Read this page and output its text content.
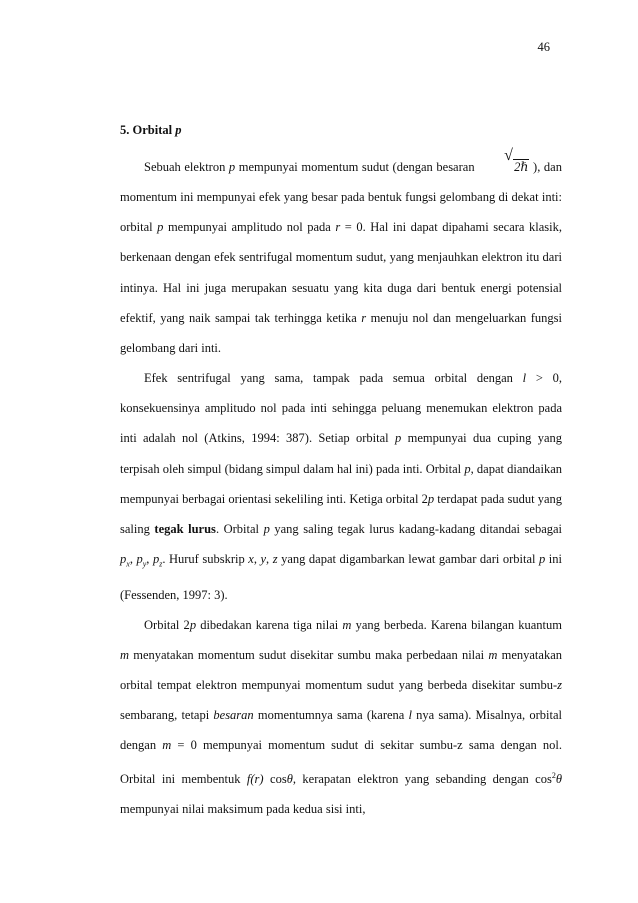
46
5. Orbital p

Sebuah elektron p mempunyai momentum sudut (dengan besaran
√
2ℏ ), dan momentum ini mempunyai efek yang besar pada bentuk fungsi gelombang di dekat inti: orbital p mempunyai amplitudo nol pada r = 0. Hal ini dapat dipahami secara klasik, berkenaan dengan efek sentrifugal momentum sudut, yang menjauhkan elektron itu dari intinya. Hal ini juga merupakan sesuatu yang kita duga dari bentuk energi potensial efektif, yang naik sampai tak terhingga ketika r menuju nol dan mengeluarkan fungsi gelombang dari inti.

Efek sentrifugal yang sama, tampak pada semua orbital dengan l > 0, konsekuensinya amplitudo nol pada inti sehingga peluang menemukan elektron pada inti adalah nol (Atkins, 1994: 387). Setiap orbital p mempunyai dua cuping yang terpisah oleh simpul (bidang simpul dalam hal ini) pada inti. Orbital p, dapat diandaikan mempunyai berbagai orientasi sekeliling inti. Ketiga orbital 2p terdapat pada sudut yang saling tegak lurus. Orbital p yang saling tegak lurus kadang-kadang ditandai sebagai $p_x$, $p_y$, $p_z$. Huruf subskrip x, y, z yang dapat digambarkan lewat gambar dari orbital p ini (Fessenden, 1997: 3).

Orbital 2p dibedakan karena tiga nilai m yang berbeda. Karena bilangan kuantum m menyatakan momentum sudut disekitar sumbu maka perbedaan nilai m menyatakan orbital tempat elektron mempunyai momentum sudut yang berbeda disekitar sumbu-z sembarang, tetapi besaran momentumnya sama (karena l nya sama). Misalnya, orbital dengan m = 0 mempunyai momentum sudut di sekitar sumbu-z sama dengan nol. Orbital ini membentuk f(r) cosθ, kerapatan elektron yang sebanding dengan $\cos^2\theta$ mempunyai nilai maksimum pada kedua sisi inti,
